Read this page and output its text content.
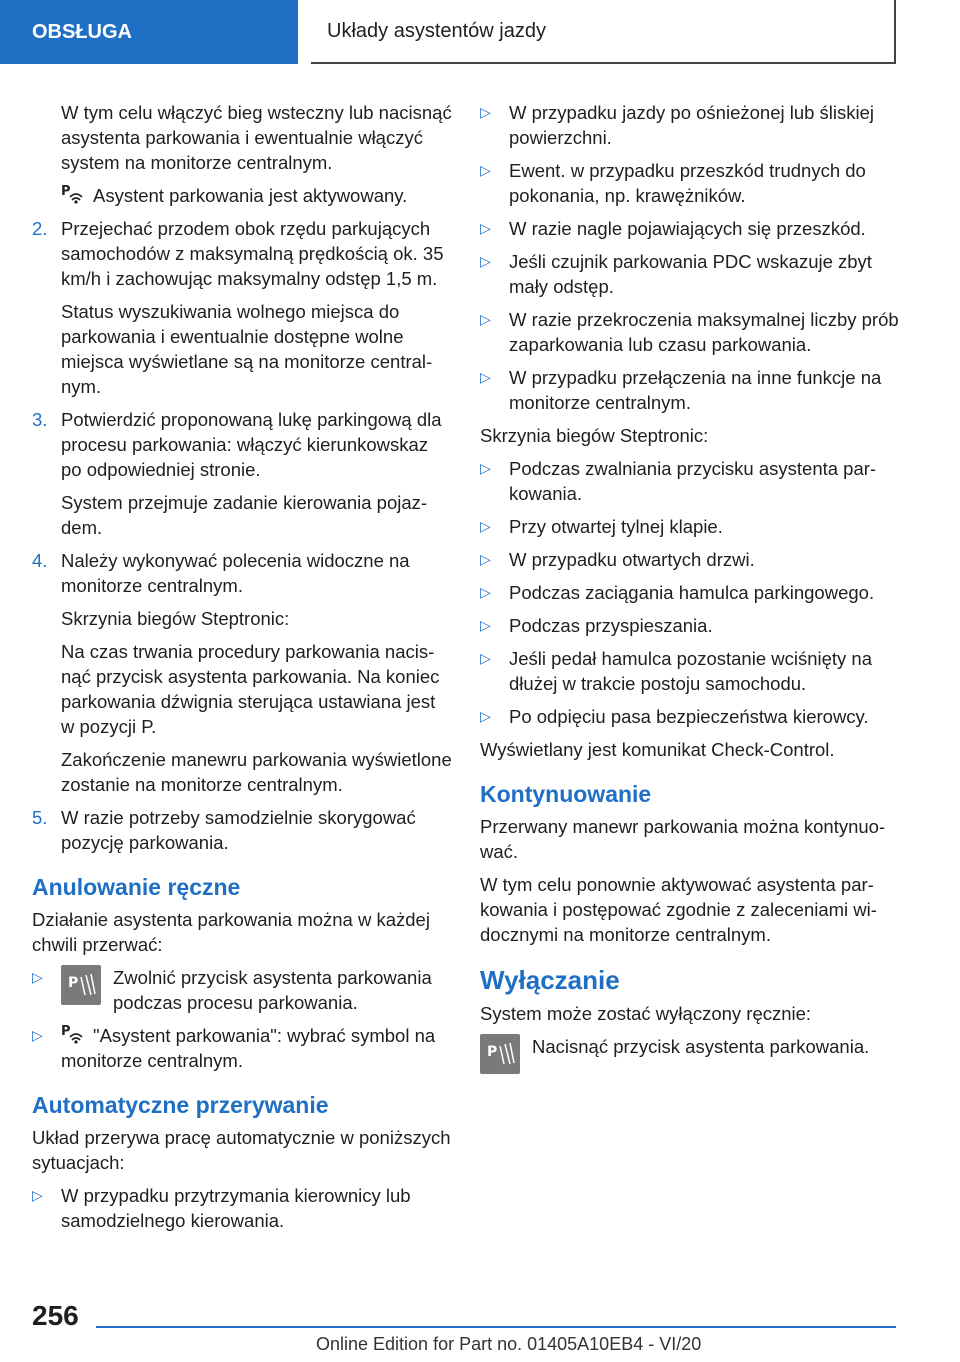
OBSŁUGA	Układy asystentów jazdy
W tym celu włączyć bieg wsteczny lub nacisnąć asystenta parkowania i ewentualnie włączyć system na monitorze centralnym.
P Asystent parkowania jest aktywowany.
2. Przejechać przodem obok rzędu parkujących samochodów z maksymalną prędkością ok. 35 km/h i zachowując maksymalny odstęp 1,5 m.
Status wyszukiwania wolnego miejsca do parkowania i ewentualnie dostępne wolne miejsca wyświetlane są na monitorze centralnym.
3. Potwierdzić proponowaną lukę parkingową dla procesu parkowania: włączyć kierunkowskaz po odpowiedniej stronie.
System przejmuje zadanie kierowania pojazdem.
4. Należy wykonywać polecenia widoczne na monitorze centralnym.
Skrzynia biegów Steptronic:
Na czas trwania procedury parkowania nacisnąć przycisk asystenta parkowania. Na koniec parkowania dźwignia sterująca ustawiana jest w pozycji P.
Zakończenie manewru parkowania wyświetlone zostanie na monitorze centralnym.
5. W razie potrzeby samodzielnie skorygować pozycję parkowania.
Anulowanie ręczne
Działanie asystenta parkowania można w każdej chwili przerwać:
▷	P Zwolnić przycisk asystenta parkowania podczas procesu parkowania.
▷	P "Asystent parkowania": wybrać symbol na monitorze centralnym.
Automatyczne przerywanie
Układ przerywa pracę automatycznie w poniższych sytuacjach:
▷ W przypadku przytrzymania kierownicy lub samodzielnego kierowania.
▷ W przypadku jazdy po ośnieżonej lub śliskiej powierzchni.
▷ Ewent. w przypadku przeszkód trudnych do pokonania, np. krawężników.
▷ W razie nagle pojawiających się przeszkód.
▷ Jeśli czujnik parkowania PDC wskazuje zbyt mały odstęp.
▷ W razie przekroczenia maksymalnej liczby prób zaparkowania lub czasu parkowania.
▷ W przypadku przełączenia na inne funkcje na monitorze centralnym.
Skrzynia biegów Steptronic:
▷ Podczas zwalniania przycisku asystenta parkowania.
▷ Przy otwartej tylnej klapie.
▷ W przypadku otwartych drzwi.
▷ Podczas zaciągania hamulca parkingowego.
▷ Podczas przyspieszania.
▷ Jeśli pedał hamulca pozostanie wciśnięty na dłużej w trakcie postoju samochodu.
▷ Po odpięciu pasa bezpieczeństwa kierowcy.
Wyświetlany jest komunikat Check-Control.
Kontynuowanie
Przerwany manewr parkowania można kontynuować.
W tym celu ponownie aktywować asystenta parkowania i postępować zgodnie z zaleceniami widocznymi na monitorze centralnym.
Wyłączanie
System może zostać wyłączony ręcznie:
P Nacisnąć przycisk asystenta parkowania.
256
Online Edition for Part no. 01405A10EB4 - VI/20
